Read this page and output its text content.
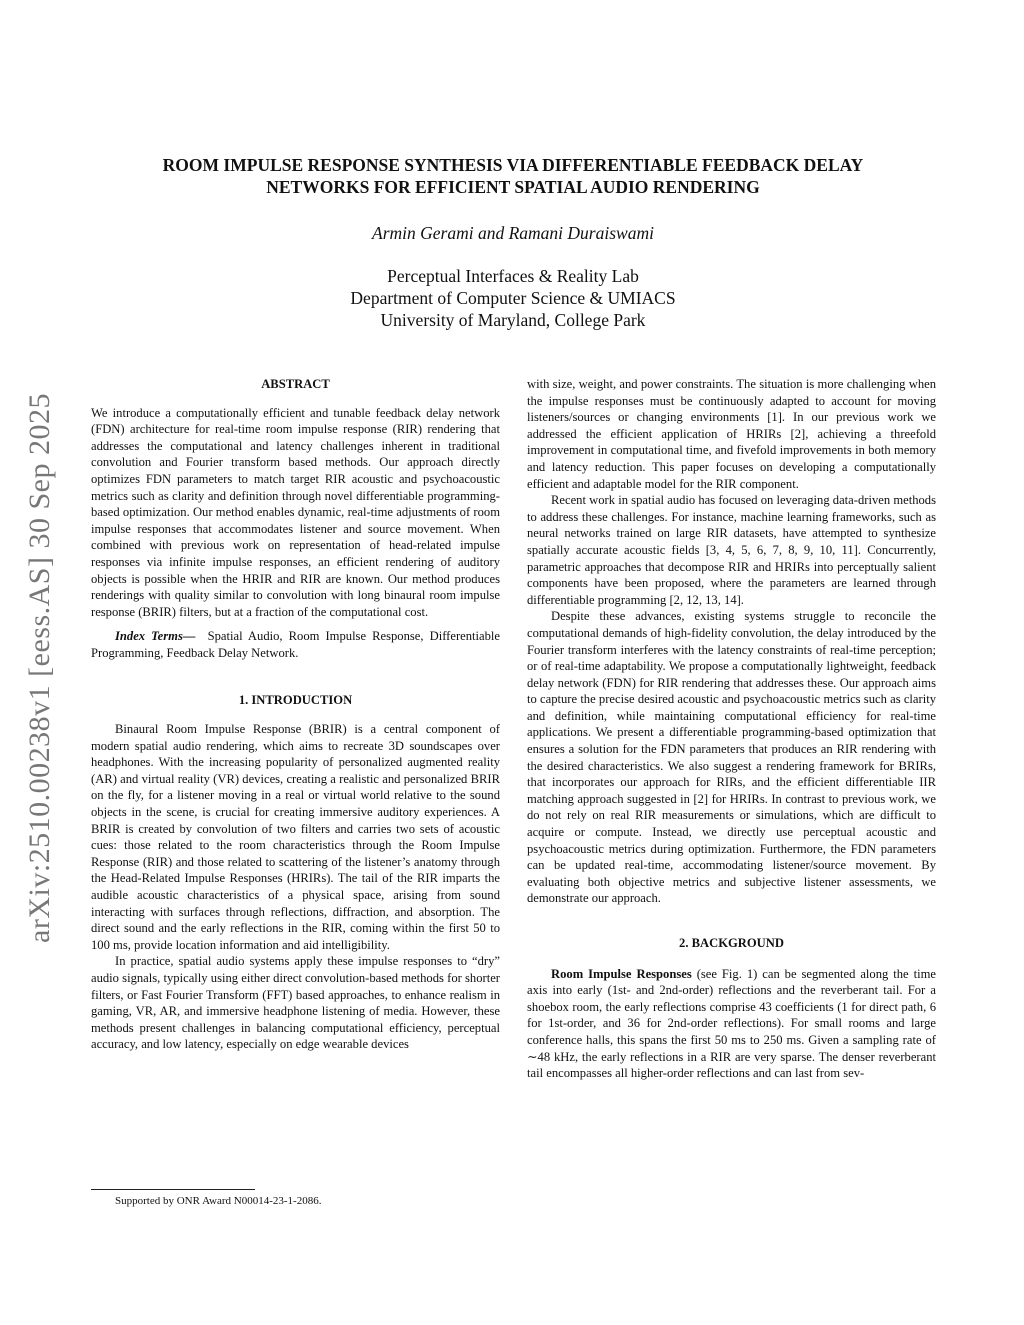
arXiv:2510.00238v1 [eess.AS] 30 Sep 2025
ROOM IMPULSE RESPONSE SYNTHESIS VIA DIFFERENTIABLE FEEDBACK DELAY
NETWORKS FOR EFFICIENT SPATIAL AUDIO RENDERING
Armin Gerami and Ramani Duraiswami
Perceptual Interfaces & Reality Lab
Department of Computer Science & UMIACS
University of Maryland, College Park
ABSTRACT

We introduce a computationally efficient and tunable feedback delay network (FDN) architecture for real-time room impulse response (RIR) rendering that addresses the computational and latency challenges inherent in traditional convolution and Fourier transform based methods. Our approach directly optimizes FDN parameters to match target RIR acoustic and psychoacoustic metrics such as clarity and definition through novel differentiable programming-based optimization. Our method enables dynamic, real-time adjustments of room impulse responses that accommodates listener and source movement. When combined with previous work on representation of head-related impulse responses via infinite impulse responses, an efficient rendering of auditory objects is possible when the HRIR and RIR are known. Our method produces renderings with quality similar to convolution with long binaural room impulse response (BRIR) filters, but at a fraction of the computational cost.

Index Terms— Spatial Audio, Room Impulse Response, Differentiable Programming, Feedback Delay Network.

1. INTRODUCTION

Binaural Room Impulse Response (BRIR) is a central component of modern spatial audio rendering, which aims to recreate 3D soundscapes over headphones. With the increasing popularity of personalized augmented reality (AR) and virtual reality (VR) devices, creating a realistic and personalized BRIR on the fly, for a listener moving in a real or virtual world relative to the sound objects in the scene, is crucial for creating immersive auditory experiences. A BRIR is created by convolution of two filters and carries two sets of acoustic cues: those related to the room characteristics through the Room Impulse Response (RIR) and those related to scattering of the listener’s anatomy through the Head-Related Impulse Responses (HRIRs). The tail of the RIR imparts the audible acoustic characteristics of a physical space, arising from sound interacting with surfaces through reflections, diffraction, and absorption. The direct sound and the early reflections in the RIR, coming within the first 50 to 100 ms, provide location information and aid intelligibility.

In practice, spatial audio systems apply these impulse responses to “dry” audio signals, typically using either direct convolution-based methods for shorter filters, or Fast Fourier Transform (FFT) based approaches, to enhance realism in gaming, VR, AR, and immersive headphone listening of media. However, these methods present challenges in balancing computational efficiency, perceptual accuracy, and low latency, especially on edge wearable devices

with size, weight, and power constraints. The situation is more challenging when the impulse responses must be continuously adapted to account for moving listeners/sources or changing environments [1]. In our previous work we addressed the efficient application of HRIRs [2], achieving a threefold improvement in computational time, and fivefold improvements in both memory and latency reduction. This paper focuses on developing a computationally efficient and adaptable model for the RIR component.

Recent work in spatial audio has focused on leveraging data-driven methods to address these challenges. For instance, machine learning frameworks, such as neural networks trained on large RIR datasets, have attempted to synthesize spatially accurate acoustic fields [3, 4, 5, 6, 7, 8, 9, 10, 11]. Concurrently, parametric approaches that decompose RIR and HRIRs into perceptually salient components have been proposed, where the parameters are learned through differentiable programming [2, 12, 13, 14].

Despite these advances, existing systems struggle to reconcile the computational demands of high-fidelity convolution, the delay introduced by the Fourier transform interferes with the latency constraints of real-time perception; or of real-time adaptability. We propose a computationally lightweight, feedback delay network (FDN) for RIR rendering that addresses these. Our approach aims to capture the precise desired acoustic and psychoacoustic metrics such as clarity and definition, while maintaining computational efficiency for real-time applications. We present a differentiable programming-based optimization that ensures a solution for the FDN parameters that produces an RIR rendering with the desired characteristics. We also suggest a rendering framework for BRIRs, that incorporates our approach for RIRs, and the efficient differentiable IIR matching approach suggested in [2] for HRIRs. In contrast to previous work, we do not rely on real RIR measurements or simulations, which are difficult to acquire or compute. Instead, we directly use perceptual acoustic and psychoacoustic metrics during optimization. Furthermore, the FDN parameters can be updated real-time, accommodating listener/source movement. By evaluating both objective metrics and subjective listener assessments, we demonstrate our approach.

2. BACKGROUND

Room Impulse Responses (see Fig. 1) can be segmented along the time axis into early (1st- and 2nd-order) reflections and the reverberant tail. For a shoebox room, the early reflections comprise 43 coefficients (1 for direct path, 6 for 1st-order, and 36 for 2nd-order reflections). For small rooms and large conference halls, this spans the first 50 ms to 250 ms. Given a sampling rate of ∼48 kHz, the early reflections in a RIR are very sparse. The denser reverberant tail encompasses all higher-order reflections and can last from sev-

Supported by ONR Award N00014-23-1-2086.
